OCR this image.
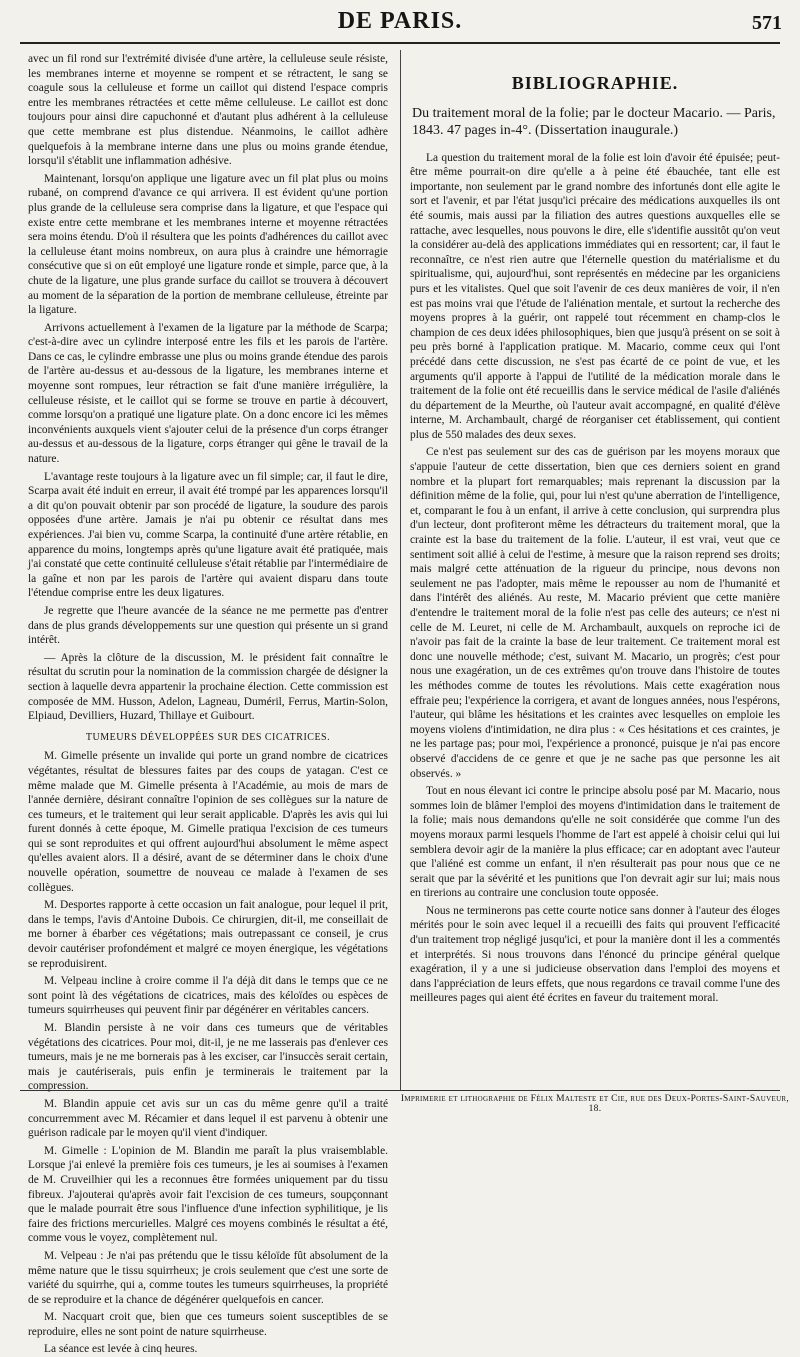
DE PARIS.	571

avec un fil rond sur l'extrémité divisée d'une artère, la celluleuse seule résiste, les membranes interne et moyenne se rompent et se rétractent, le sang se coagule sous la celluleuse et forme un caillot qui distend l'espace compris entre les membranes rétractées et cette même celluleuse. Le caillot est donc toujours pour ainsi dire capuchonné et d'autant plus adhérent à la celluleuse que cette membrane est plus distendue. Néanmoins, le caillot adhère quelquefois à la membrane interne dans une plus ou moins grande étendue, lorsqu'il s'établit une inflammation adhésive.

Maintenant, lorsqu'on applique une ligature avec un fil plat plus ou moins rubané, on comprend d'avance ce qui arrivera. Il est évident qu'une portion plus grande de la celluleuse sera comprise dans la ligature, et que l'espace qui existe entre cette membrane et les membranes interne et moyenne rétractées sera moins étendu. D'où il résultera que les points d'adhérences du caillot avec la celluleuse étant moins nombreux, on aura plus à craindre une hémorragie consécutive que si on eût employé une ligature ronde et simple, parce que, à la chute de la ligature, une plus grande surface du caillot se trouvera à découvert au moment de la séparation de la portion de membrane celluleuse, étreinte par la ligature.

Arrivons actuellement à l'examen de la ligature par la méthode de Scarpa; c'est-à-dire avec un cylindre interposé entre les fils et les parois de l'artère. Dans ce cas, le cylindre embrasse une plus ou moins grande étendue des parois de l'artère au-dessus et au-dessous de la ligature, les membranes interne et moyenne sont rompues, leur rétraction se fait d'une manière irrégulière, la celluleuse résiste, et le caillot qui se forme se trouve en partie à découvert, comme lorsqu'on a pratiqué une ligature plate. On a donc encore ici les mêmes inconvénients auxquels vient s'ajouter celui de la présence d'un corps étranger au-dessus et au-dessous de la ligature, corps étranger qui gêne le travail de la nature.

L'avantage reste toujours à la ligature avec un fil simple; car, il faut le dire, Scarpa avait été induit en erreur, il avait été trompé par les apparences lorsqu'il a dit qu'on pouvait obtenir par son procédé de ligature, la soudure des parois opposées d'une artère. Jamais je n'ai pu obtenir ce résultat dans mes expériences. J'ai bien vu, comme Scarpa, la continuité d'une artère rétablie, en apparence du moins, longtemps après qu'une ligature avait été pratiquée, mais j'ai constaté que cette continuité celluleuse s'était rétablie par l'intermédiaire de la gaîne et non par les parois de l'artère qui avaient disparu dans toute l'étendue comprise entre les deux ligatures.

Je regrette que l'heure avancée de la séance ne me permette pas d'entrer dans de plus grands développements sur une question qui présente un si grand intérêt.

— Après la clôture de la discussion, M. le président fait connaître le résultat du scrutin pour la nomination de la commission chargée de désigner la section à laquelle devra appartenir la prochaine élection. Cette commission est composée de MM. Husson, Adelon, Lagneau, Duméril, Ferrus, Martin-Solon, Elpiaud, Devilliers, Huzard, Thillaye et Guibourt.

TUMEURS DÉVELOPPÉES SUR DES CICATRICES.

M. Gimelle présente un invalide qui porte un grand nombre de cicatrices végétantes, résultat de blessures faites par des coups de yatagan. C'est ce même malade que M. Gimelle présenta à l'Académie, au mois de mars de l'année dernière, désirant connaître l'opinion de ses collègues sur la nature de ces tumeurs, et le traitement qui leur serait applicable. D'après les avis qui lui furent donnés à cette époque, M. Gimelle pratiqua l'excision de ces tumeurs qui se sont reproduites et qui offrent aujourd'hui absolument le même aspect qu'elles avaient alors. Il a désiré, avant de se déterminer dans le choix d'une nouvelle opération, soumettre de nouveau ce malade à l'examen de ses collègues.

M. Desportes rapporte à cette occasion un fait analogue, pour lequel il prit, dans le temps, l'avis d'Antoine Dubois. Ce chirurgien, dit-il, me conseillait de me borner à ébarber ces végétations; mais outrepassant ce conseil, je crus devoir cautériser profondément et malgré ce moyen énergique, les végétations se reproduisirent.

M. Velpeau incline à croire comme il l'a déjà dit dans le temps que ce ne sont point là des végétations de cicatrices, mais des kéloïdes ou espèces de tumeurs squirrheuses qui peuvent finir par dégénérer en véritables cancers.

M. Blandin persiste à ne voir dans ces tumeurs que de véritables végétations des cicatrices. Pour moi, dit-il, je ne me lasserais pas d'enlever ces tumeurs, mais je ne me bornerais pas à les exciser, car l'insuccès serait certain, mais je cautériserais, puis enfin je terminerais le traitement par la compression.

M. Blandin appuie cet avis sur un cas du même genre qu'il a traité concurremment avec M. Récamier et dans lequel il est parvenu à obtenir une guérison radicale par le moyen qu'il vient d'indiquer.

M. Gimelle : L'opinion de M. Blandin me paraît la plus vraisemblable. Lorsque j'ai enlevé la première fois ces tumeurs, je les ai soumises à l'examen de M. Cruveilhier qui les a reconnues être formées uniquement par du tissu fibreux. J'ajouterai qu'après avoir fait l'excision de ces tumeurs, soupçonnant que le malade pourrait être sous l'influence d'une infection syphilitique, je lis faire des frictions mercurielles. Malgré ces moyens combinés le résultat a été, comme vous le voyez, complètement nul.

M. Velpeau : Je n'ai pas prétendu que le tissu kéloïde fût absolument de la même nature que le tissu squirrheux; je crois seulement que c'est une sorte de variété du squirrhe, qui a, comme toutes les tumeurs squirrheuses, la propriété de se reproduire et la chance de dégénérer quelquefois en cancer.

M. Nacquart croit que, bien que ces tumeurs soient susceptibles de se reproduire, elles ne sont point de nature squirrheuse.

La séance est levée à cinq heures.

BIBLIOGRAPHIE.
Du traitement moral de la folie; par le docteur Macario. — Paris, 1843. 47 pages in-4°. (Dissertation inaugurale.)

La question du traitement moral de la folie est loin d'avoir été épuisée; peut-être même pourrait-on dire qu'elle a à peine été ébauchée, tant elle est importante, non seulement par le grand nombre des infortunés dont elle agite le sort et l'avenir, et par l'état jusqu'ici précaire des médications auxquelles ils ont été soumis, mais aussi par la filiation des autres questions auxquelles elle se rattache, avec lesquelles, nous pouvons le dire, elle s'identifie aussitôt qu'on veut la considérer au-delà des applications immédiates qui en ressortent; car, il faut le reconnaître, ce n'est rien autre que l'éternelle question du matérialisme et du spiritualisme, qui, aujourd'hui, sont représentés en médecine par les organiciens purs et les vitalistes. Quel que soit l'avenir de ces deux manières de voir, il n'en est pas moins vrai que l'étude de l'aliénation mentale, et surtout la recherche des moyens propres à la guérir, ont rappelé tout récemment en champ-clos le champion de ces deux idées philosophiques, bien que jusqu'à présent on se soit à peu près borné à l'application pratique. M. Macario, comme ceux qui l'ont précédé dans cette discussion, ne s'est pas écarté de ce point de vue, et les arguments qu'il apporte à l'appui de l'utilité de la médication morale dans le traitement de la folie ont été recueillis dans le service médical de l'asile d'aliénés du département de la Meurthe, où l'auteur avait accompagné, en qualité d'élève interne, M. Archambault, chargé de réorganiser cet établissement, qui contient plus de 550 malades des deux sexes.

Ce n'est pas seulement sur des cas de guérison par les moyens moraux que s'appuie l'auteur de cette dissertation, bien que ces derniers soient en grand nombre et la plupart fort remarquables; mais reprenant la discussion par la définition même de la folie, qui, pour lui n'est qu'une aberration de l'intelligence, et, comparant le fou à un enfant, il arrive à cette conclusion, qui surprendra plus d'un lecteur, dont profiteront même les détracteurs du traitement moral, que la crainte est la base du traitement de la folie. L'auteur, il est vrai, veut que ce sentiment soit allié à celui de l'estime, à mesure que la raison reprend ses droits; mais malgré cette atténuation de la rigueur du principe, nous devons non seulement ne pas l'adopter, mais même le repousser au nom de l'humanité et dans l'intérêt des aliénés. Au reste, M. Macario prévient que cette manière d'entendre le traitement moral de la folie n'est pas celle des auteurs; ce n'est ni celle de M. Leuret, ni celle de M. Archambault, auxquels on reproche ici de n'avoir pas fait de la crainte la base de leur traitement. Ce traitement moral est donc une nouvelle méthode; c'est, suivant M. Macario, un progrès; c'est pour nous une exagération, un de ces extrêmes qu'on trouve dans l'histoire de toutes les méthodes comme de toutes les révolutions. Mais cette exagération nous effraie peu; l'expérience la corrigera, et avant de longues années, nous l'espérons, l'auteur, qui blâme les hésitations et les craintes avec lesquelles on emploie les moyens violens d'intimidation, ne dira plus : « Ces hésitations et ces craintes, je ne les partage pas; pour moi, l'expérience a prononcé, puisque je n'ai pas encore observé d'accidens de ce genre et que je ne sache pas que personne les ait observés. »

Tout en nous élevant ici contre le principe absolu posé par M. Macario, nous sommes loin de blâmer l'emploi des moyens d'intimidation dans le traitement de la folie; mais nous demandons qu'elle ne soit considérée que comme l'un des moyens moraux parmi lesquels l'homme de l'art est appelé à choisir celui qui lui semblera devoir agir de la manière la plus efficace; car en adoptant avec l'auteur que l'aliéné est comme un enfant, il n'en résulterait pas pour nous que ce ne serait que par la sévérité et les punitions que l'on devrait agir sur lui; mais nous en tirerions au contraire une conclusion toute opposée.

Nous ne terminerons pas cette courte notice sans donner à l'auteur des éloges mérités pour le soin avec lequel il a recueilli des faits qui prouvent l'efficacité d'un traitement trop négligé jusqu'ici, et pour la manière dont il les a commentés et interprétés. Si nous trouvons dans l'énoncé du principe général quelque exagération, il y a une si judicieuse observation dans l'emploi des moyens et dans l'appréciation de leurs effets, que nous regardons ce travail comme l'une des meilleures pages qui aient été écrites en faveur du traitement moral.

Imprimerie et lithographie de Félix Malteste et Cie, rue des Deux-Portes-Saint-Sauveur, 18.
